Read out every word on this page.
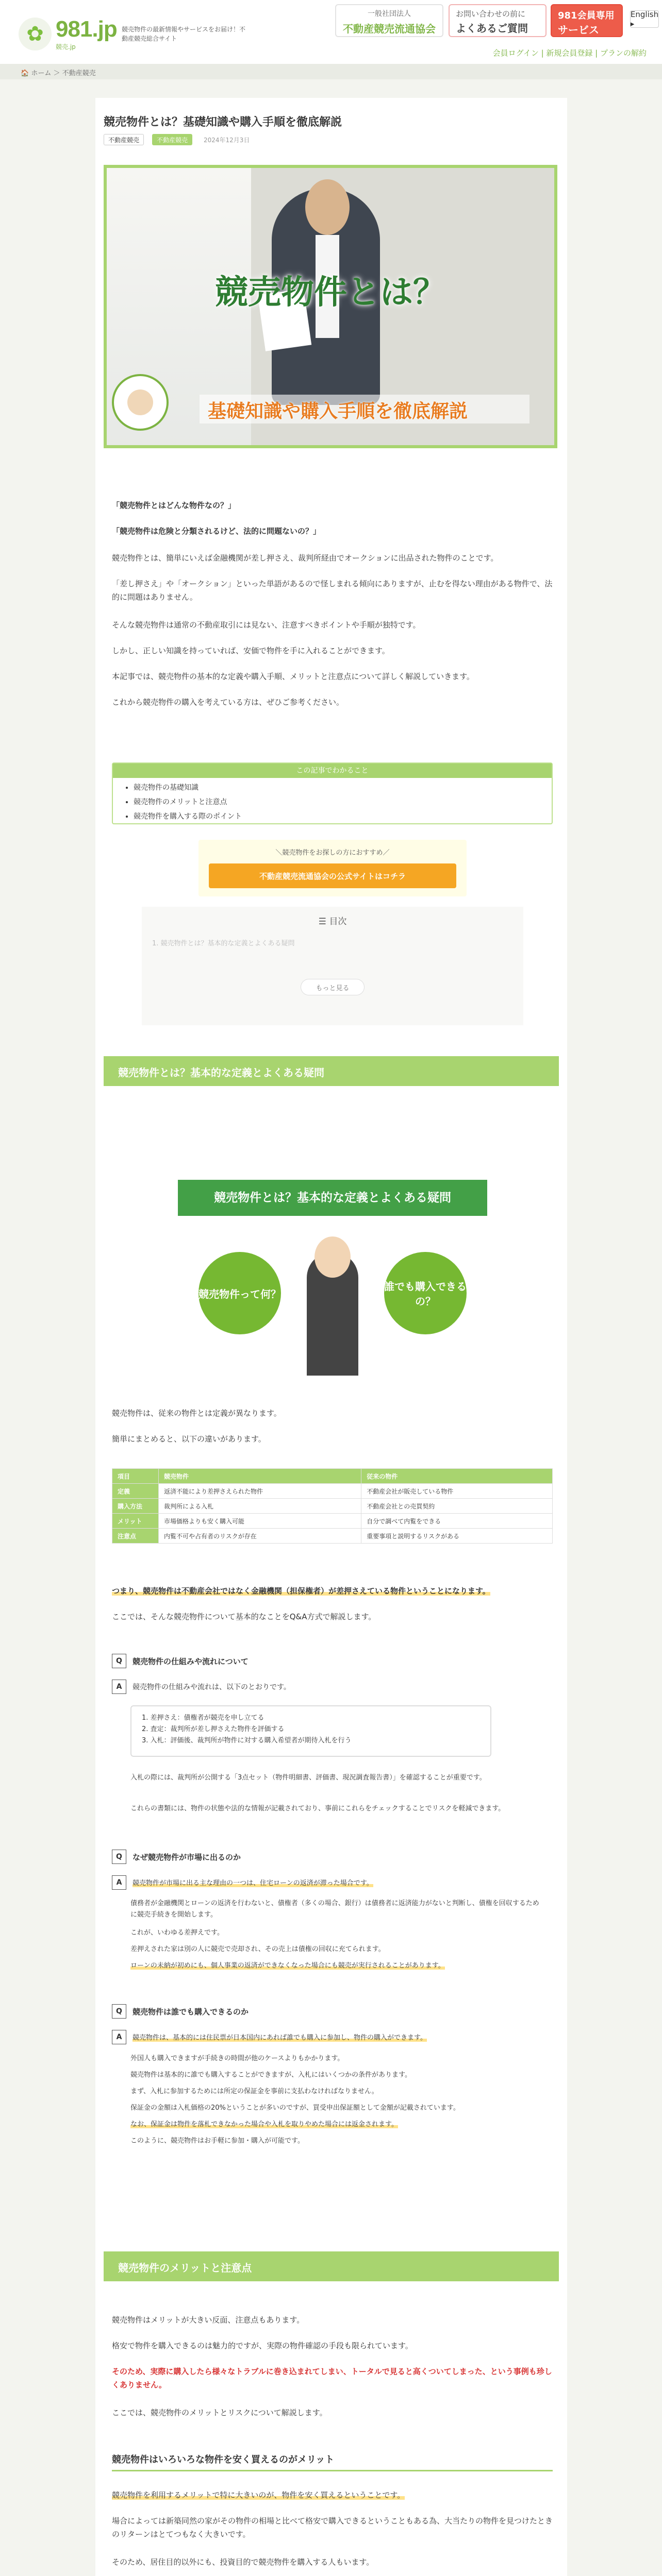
✿ 981.jp
競売.jp
競売物件の最新情報やサービスをお届け！不動産競売総合サイト
一般社団法人
不動産競売流通協会
お問い合わせの前に
よくあるご質問
981会員専用
サービス
English ▸
会員ログイン | 新規会員登録 | プランの解約
🏠 ホーム ＞ 不動産競売
競売物件とは？基礎知識や購入手順を徹底解説
不動産競売	不動産競売	2024年12月3日
競売物件とは？
基礎知識や購入手順を徹底解説
「競売物件とはどんな物件なの？」
「競売物件は危険と分類されるけど、法的に問題ないの？」
競売物件とは、簡単にいえば金融機関が差し押さえ、裁判所経由でオークションに出品された物件のことです。
「差し押さえ」や「オークション」といった単語があるので怪しまれる傾向にありますが、止むを得ない理由がある物件で、法的に問題はありません。
そんな競売物件は通常の不動産取引には見ない、注意すべきポイントや手順が独特です。
しかし、正しい知識を持っていれば、安価で物件を手に入れることができます。
本記事では、競売物件の基本的な定義や購入手順、メリットと注意点について詳しく解説していきます。
これから競売物件の購入を考えている方は、ぜひご参考ください。
この記事でわかること
• 競売物件の基礎知識
• 競売物件のメリットと注意点
• 競売物件を購入する際のポイント
＼競売物件をお探しの方におすすめ／
不動産競売流通協会の公式サイトはコチラ
☰ 目次
1. 競売物件とは？基本的な定義とよくある疑問
もっと見る
競売物件とは？基本的な定義とよくある疑問
競売物件とは？基本的な定義とよくある疑問
競売物件って何？
誰でも購入できるの？
競売物件は、従来の物件とは定義が異なります。
簡単にまとめると、以下の違いがあります。
項目	競売物件	従来の物件
定義	返済不能により差押さえられた物件	不動産会社が販売している物件
購入方法	裁判所による入札	不動産会社との売買契約
メリット	市場価格よりも安く購入可能	自分で調べて内覧をできる
注意点	内覧不可や占有者のリスクが存在	重要事項と説明するリスクがある
つまり、競売物件は不動産会社ではなく金融機関（担保権者）が差押さえている物件ということになります。
ここでは、そんな競売物件について基本的なことをQ&A方式で解説します。
Q	競売物件の仕組みや流れについて
A	競売物件の仕組みや流れは、以下のとおりです。
1. 差押さえ：債権者が競売を申し立てる
2. 査定：裁判所が差し押さえた物件を評価する
3. 入札：評価後、裁判所が物件に対する購入希望者が期待入札を行う
入札の際には、裁判所が公開する「3点セット（物件明細書、評価書、現況調査報告書）」を確認することが重要です。
これらの書類には、物件の状態や法的な情報が記載されており、事前にこれらをチェックすることでリスクを軽減できます。
Q	なぜ競売物件が市場に出るのか
A	競売物件が市場に出る主な理由の一つは、住宅ローンの返済が滞った場合です。
債務者が金融機関とローンの返済を行わないと、債権者（多くの場合、銀行）は債務者に返済能力がないと判断し、債権を回収するために競売手続きを開始します。
これが、いわゆる差押えです。
差押えされた家は別の人に競売で売却され、その売上は債権の回収に充てられます。
ローンの未納が初めにも、個人事業の返済ができなくなった場合にも競売が実行されることがあります。
Q	競売物件は誰でも購入できるのか
A	競売物件は、基本的には住民票が日本国内にあれば誰でも購入に参加し、物件の購入ができます。
外国人も購入できますが手続きの時間が他のケースよりもかかります。
競売物件は基本的に誰でも購入することができますが、入札にはいくつかの条件があります。
まず、入札に参加するためには所定の保証金を事前に支払わなければなりません。
保証金の金額は入札価格の20%ということが多いのですが、買受申出保証額として金額が記載されています。
なお、保証金は物件を落札できなかった場合や入札を取りやめた場合には返金されます。
このように、競売物件はお手軽に参加・購入が可能です。
競売物件のメリットと注意点
競売物件はメリットが大きい反面、注意点もあります。
格安で物件を購入できるのは魅力的ですが、実際の物件確認の手段も限られています。
そのため、実際に購入したら様々なトラブルに巻き込まれてしまい、トータルで見ると高くついてしまった、という事例も珍しくありません。
ここでは、競売物件のメリットとリスクについて解説します。
競売物件はいろいろな物件を安く買えるのがメリット
競売物件を利用するメリットで特に大きいのが、物件を安く買えるということです。
場合によっては新築同然の家がその物件の相場と比べて格安で購入できるということもある為、大当たりの物件を見つけたときのリターンはとてつもなく大きいです。
そのため、居住目的以外にも、投資目的で競売物件を購入する人もいます。
